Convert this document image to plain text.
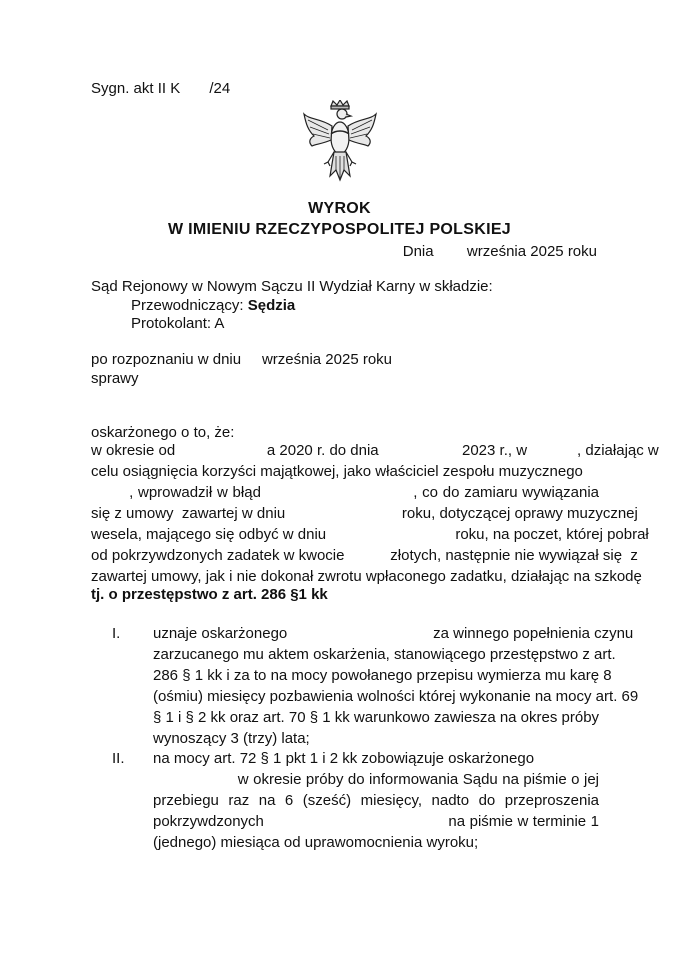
Sygn. akt II K       /24
WYROK
W IMIENIU RZECZYPOSPOLITEJ POLSKIEJ
Dnia        września 2025 roku
Sąd Rejonowy w Nowym Sączu II Wydział Karny w składzie:
Przewodniczący: Sędzia
Protokolant: A
po rozpoznaniu w dniu     września 2025 roku
sprawy
oskarżonego o to, że:
w okresie od                      a 2020 r. do dnia                    2023 r., w            , działając w
celu osiągnięcia korzyści majątkowej, jako właściciel zespołu muzycznego
, wprowadził w błąd                                , co do zamiaru wywiązania
się z umowy  zawartej w dniu                            roku, dotyczącej oprawy muzycznej
wesela, mającego się odbyć w dniu                               roku, na poczet, której pobrał
od pokrzywdzonych zadatek w kwocie           złotych, następnie nie wywiązał się  z
zawartej umowy, jak i nie dokonał zwrotu wpłaconego zadatku, działając na szkodę
tj. o przestępstwo z art. 286 §1 kk
I. uznaje oskarżonego                                   za winnego popełnienia czynu
zarzucanego mu aktem oskarżenia, stanowiącego przestępstwo z art.
286 § 1 kk i za to na mocy powołanego przepisu wymierza mu karę 8
(ośmiu) miesięcy pozbawienia wolności której wykonanie na mocy art. 69
§ 1 i § 2 kk oraz art. 70 § 1 kk warunkowo zawiesza na okres próby
wynoszący 3 (trzy) lata;
II. na mocy art. 72 § 1 pkt 1 i 2 kk zobowiązuje oskarżonego
w okresie próby do informowania Sądu na piśmie o jej
przebiegu raz na 6 (sześć) miesięcy, nadto do przeproszenia
pokrzywdzonych                                         na piśmie w terminie 1
(jednego) miesiąca od uprawomocnienia wyroku;
